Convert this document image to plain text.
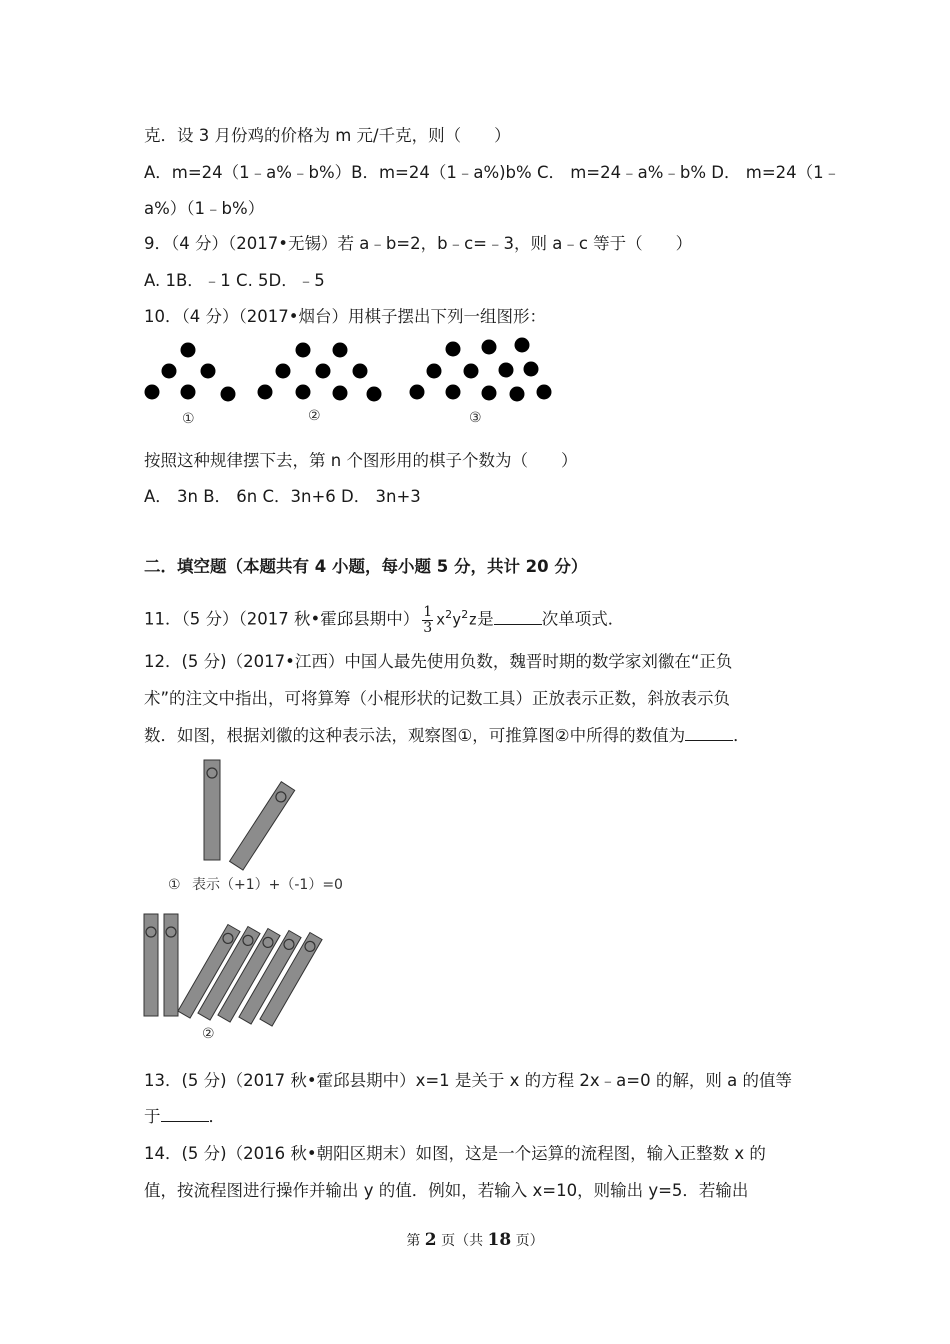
克．设 3 月份鸡的价格为 m 元/千克，则（　　）
A．m=24（1﹣a%﹣b%）B．m=24（1﹣a%)b% C． m=24﹣a%﹣b% D． m=24（1﹣
a%）（1﹣b%）
9．（4 分）（2017•无锡）若 a﹣b=2，b﹣c=﹣3，则 a﹣c 等于（　　）
A. 1B．﹣1 C. 5D．﹣5
10．（4 分）（2017•烟台）用棋子摆出下列一组图形：
①	②	③
按照这种规律摆下去，第 n 个图形用的棋子个数为（　　）
A． 3n B． 6n C．3n+6 D． 3n+3
二．填空题（本题共有 4 小题，每小题 5 分，共计 20 分）
11．（5 分）（2017 秋•霍邱县期中） $\frac{1}{3} x^2y^2z$是	次单项式．
12．(5 分)（2017•江西）中国人最先使用负数，魏晋时期的数学家刘徽在“正负
术”的注文中指出，可将算筹（小棍形状的记数工具）正放表示正数，斜放表示负
数．如图，根据刘徽的这种表示法，观察图①，可推算图②中所得的数值为	．
① 表示（+1）+（-1）=0
②
13．(5 分)（2017 秋•霍邱县期中）x=1 是关于 x 的方程 2x﹣a=0 的解，则 a 的值等
于	．
14．(5 分)（2016 秋•朝阳区期末）如图，这是一个运算的流程图，输入正整数 x 的
值，按流程图进行操作并输出 y 的值．例如，若输入 x=10，则输出 y=5．若输出
第 2 页（共 18 页）
